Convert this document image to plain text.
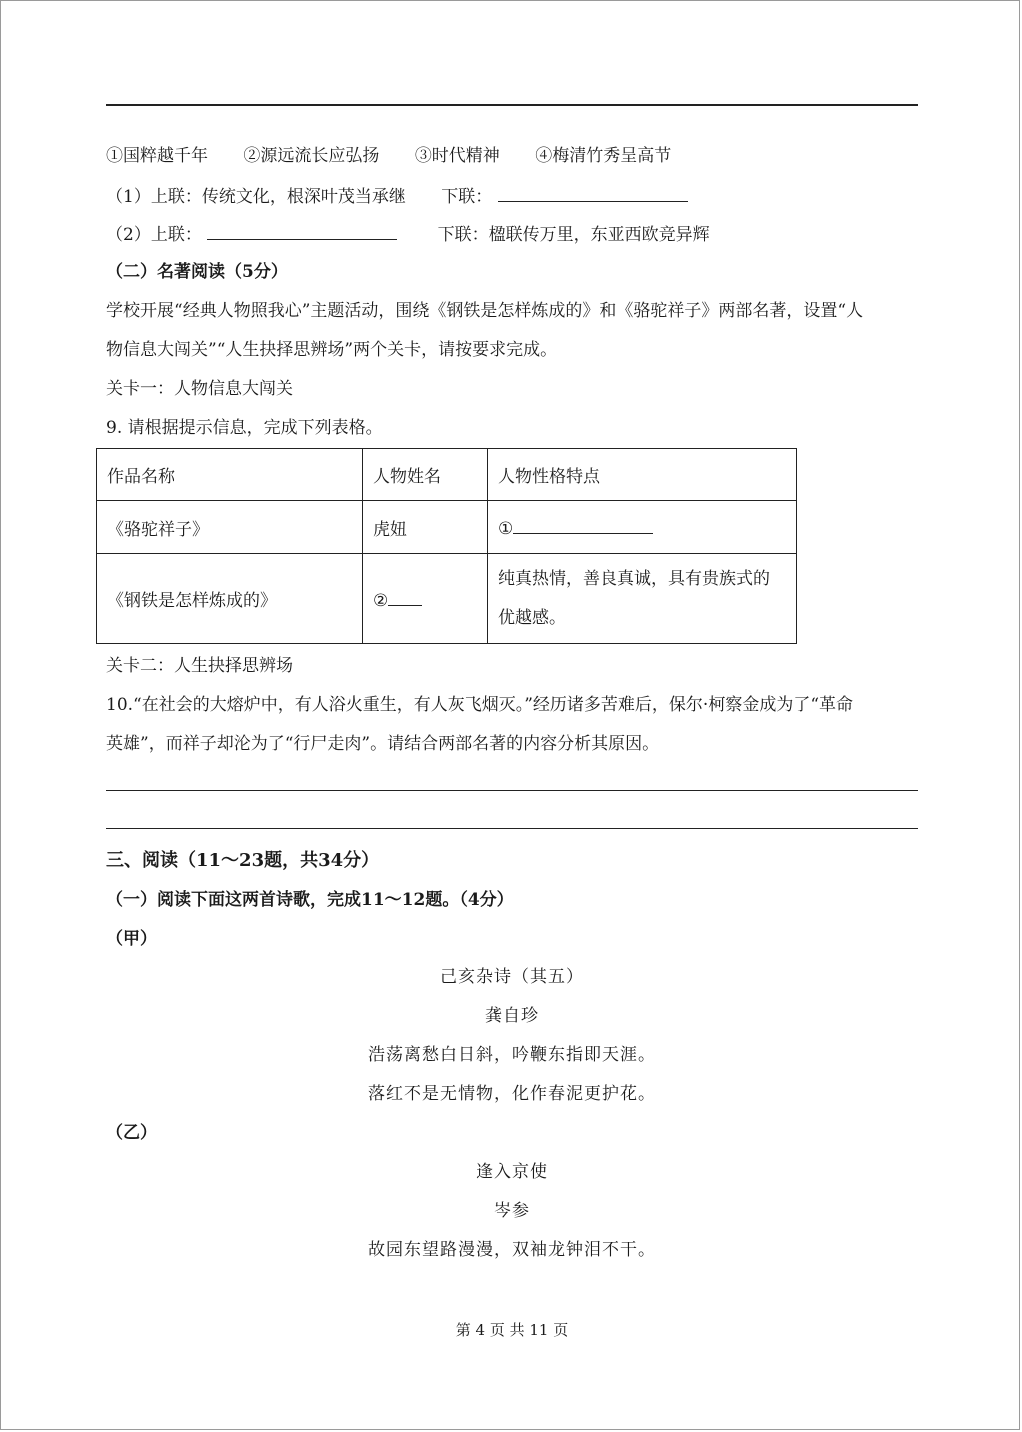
①国粹越千年 ②源远流长应弘扬 ③时代精神 ④梅清竹秀呈高节
（1）上联：传统文化，根深叶茂当承继 下联：
（2）上联：	下联：楹联传万里，东亚西欧竞异辉
（二）名著阅读（5分）
学校开展“经典人物照我心”主题活动，围绕《钢铁是怎样炼成的》和《骆驼祥子》两部名著，设置“人
物信息大闯关”“人生抉择思辨场”两个关卡，请按要求完成。
关卡一：人物信息大闯关
9. 请根据提示信息，完成下列表格。
作品名称	人物姓名	人物性格特点
《骆驼祥子》	虎妞	①
《钢铁是怎样炼成的》	②	纯真热情，善良真诚，具有贵族式的
优越感。
关卡二：人生抉择思辨场
10.“在社会的大熔炉中，有人浴火重生，有人灰飞烟灭。”经历诸多苦难后，保尔·柯察金成为了“革命
英雄”，而祥子却沦为了“行尸走肉”。请结合两部名著的内容分析其原因。
三、阅读（11～23题，共34分）
（一）阅读下面这两首诗歌，完成11～12题。（4分）
（甲）
己亥杂诗（其五）
龚自珍
浩荡离愁白日斜，吟鞭东指即天涯。
落红不是无情物，化作春泥更护花。
（乙）
逢入京使
岑参
故园东望路漫漫，双袖龙钟泪不干。
第 4 页 共 11 页
